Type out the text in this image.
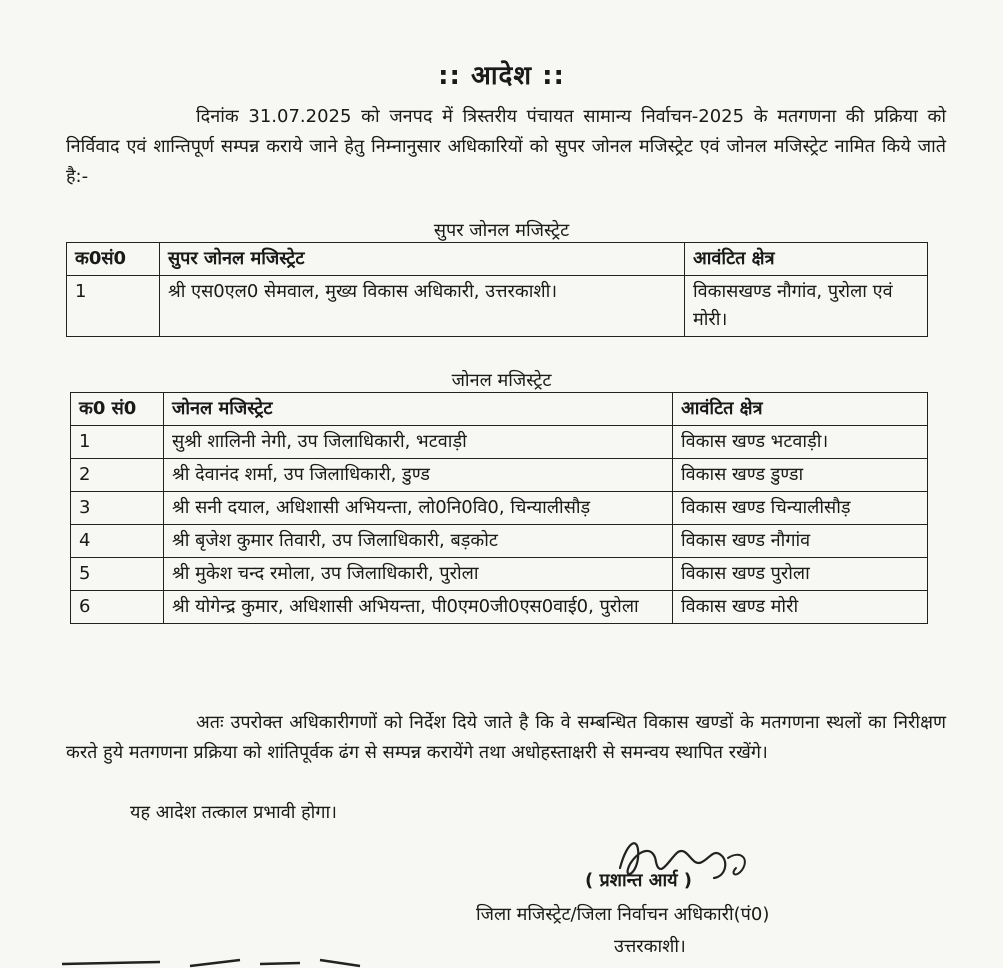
:: आदेश ::
दिनांक 31.07.2025 को जनपद में त्रिस्तरीय पंचायत सामान्य निर्वाचन-2025 के मतगणना की प्रक्रिया को निर्विवाद एवं शान्तिपूर्ण सम्पन्न कराये जाने हेतु निम्नानुसार अधिकारियों को सुपर जोनल मजिस्ट्रेट एवं जोनल मजिस्ट्रेट नामित किये जाते है:-
सुपर जोनल मजिस्ट्रेट
क0सं0	सुपर जोनल मजिस्ट्रेट	आवंटित क्षेत्र
1	श्री एस0एल0 सेमवाल, मुख्य विकास अधिकारी, उत्तरकाशी।	विकासखण्ड नौगांव, पुरोला एवं मोरी।
जोनल मजिस्ट्रेट
क0 सं0	जोनल मजिस्ट्रेट	आवंटित क्षेत्र
1	सुश्री शालिनी नेगी, उप जिलाधिकारी, भटवाड़ी	विकास खण्ड भटवाड़ी।
2	श्री देवानंद शर्मा, उप जिलाधिकारी, डुण्ड	विकास खण्ड डुण्डा
3	श्री सनी दयाल, अधिशासी अभियन्ता, लो0नि0वि0, चिन्यालीसौड़	विकास खण्ड चिन्यालीसौड़
4	श्री बृजेश कुमार तिवारी, उप जिलाधिकारी, बड़कोट	विकास खण्ड नौगांव
5	श्री मुकेश चन्द रमोला, उप जिलाधिकारी, पुरोला	विकास खण्ड पुरोला
6	श्री योगेन्द्र कुमार, अधिशासी अभियन्ता, पी0एम0जी0एस0वाई0, पुरोला	विकास खण्ड मोरी
अतः उपरोक्त अधिकारीगणों को निर्देश दिये जाते है कि वे सम्बन्धित विकास खण्डों के मतगणना स्थलों का निरीक्षण करते हुये मतगणना प्रक्रिया को शांतिपूर्वक ढंग से सम्पन्न करायेंगे तथा अधोहस्ताक्षरी से समन्वय स्थापित रखेंगे।
यह आदेश तत्काल प्रभावी होगा।
( प्रशान्त आर्य )
जिला मजिस्ट्रेट/जिला निर्वाचन अधिकारी(पं0)
उत्तरकाशी।
